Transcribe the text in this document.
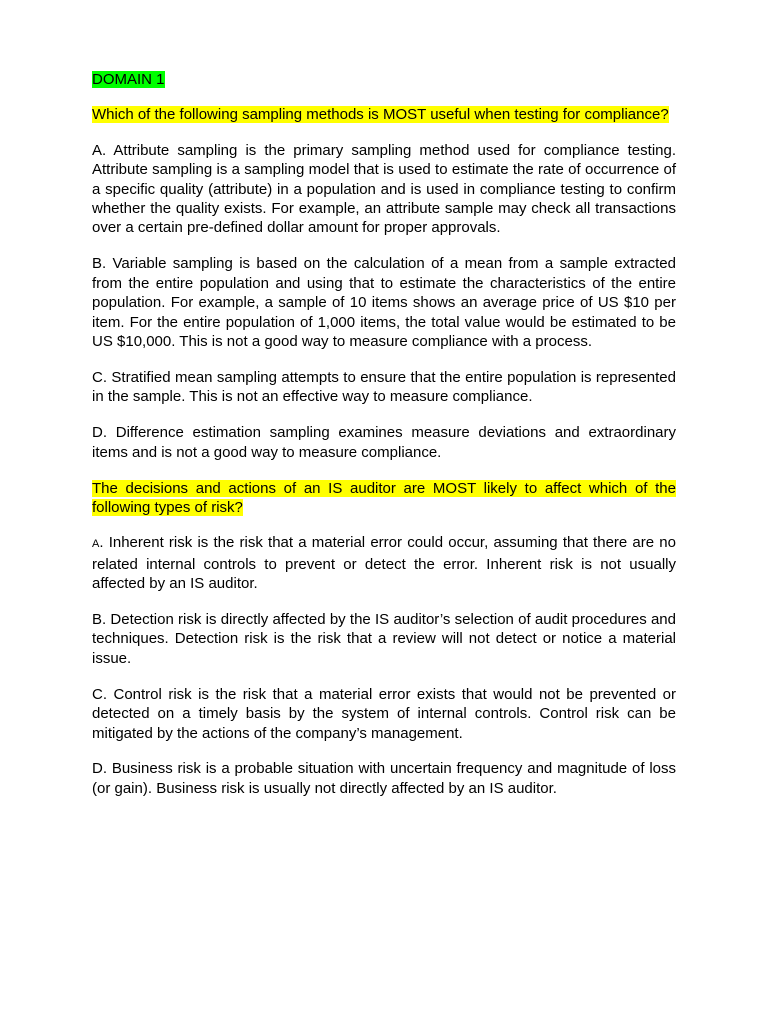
DOMAIN 1

Which of the following sampling methods is MOST useful when testing for compliance?

A. Attribute sampling is the primary sampling method used for compliance testing. Attribute sampling is a sampling model that is used to estimate the rate of occurrence of a specific quality (attribute) in a population and is used in compliance testing to confirm whether the quality exists. For example, an attribute sample may check all transactions over a certain pre-defined dollar amount for proper approvals.

B. Variable sampling is based on the calculation of a mean from a sample extracted from the entire population and using that to estimate the characteristics of the entire population. For example, a sample of 10 items shows an average price of US $10 per item. For the entire population of 1,000 items, the total value would be estimated to be US $10,000. This is not a good way to measure compliance with a process.

C. Stratified mean sampling attempts to ensure that the entire population is represented in the sample. This is not an effective way to measure compliance.

D. Difference estimation sampling examines measure deviations and extraordinary items and is not a good way to measure compliance.

The decisions and actions of an IS auditor are MOST likely to affect which of the following types of risk?

A. Inherent risk is the risk that a material error could occur, assuming that there are no related internal controls to prevent or detect the error. Inherent risk is not usually affected by an IS auditor.

B. Detection risk is directly affected by the IS auditor’s selection of audit procedures and techniques. Detection risk is the risk that a review will not detect or notice a material issue.

C. Control risk is the risk that a material error exists that would not be prevented or detected on a timely basis by the system of internal controls. Control risk can be mitigated by the actions of the company’s management.

D. Business risk is a probable situation with uncertain frequency and magnitude of loss (or gain). Business risk is usually not directly affected by an IS auditor.
